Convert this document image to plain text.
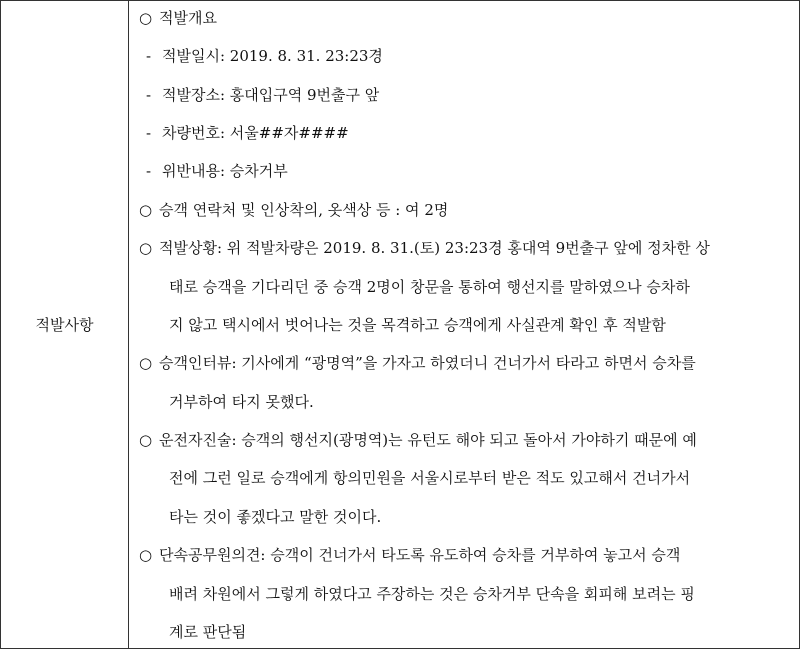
적발사항
○ 적발개요
- 적발일시: 2019. 8. 31. 23:23경
- 적발장소: 홍대입구역 9번출구 앞
- 차량번호: 서울##자####
- 위반내용: 승차거부
○ 승객 연락처 및 인상착의, 옷색상 등 : 여 2명
○ 적발상황: 위 적발차량은 2019. 8. 31.(토) 23:23경 홍대역 9번출구 앞에 정차한 상
태로 승객을 기다리던 중 승객 2명이 창문을 통하여 행선지를 말하였으나 승차하
지 않고 택시에서 벗어나는 것을 목격하고 승객에게 사실관계 확인 후 적발함
○ 승객인터뷰: 기사에게 “광명역”을 가자고 하였더니 건너가서 타라고 하면서 승차를
거부하여 타지 못했다.
○ 운전자진술: 승객의 행선지(광명역)는 유턴도 해야 되고 돌아서 가야하기 때문에 예
전에 그런 일로 승객에게 항의민원을 서울시로부터 받은 적도 있고해서 건너가서
타는 것이 좋겠다고 말한 것이다.
○ 단속공무원의견: 승객이 건너가서 타도록 유도하여 승차를 거부하여 놓고서 승객
배려 차원에서 그렇게 하였다고 주장하는 것은 승차거부 단속을 회피해 보려는 핑
계로 판단됨
